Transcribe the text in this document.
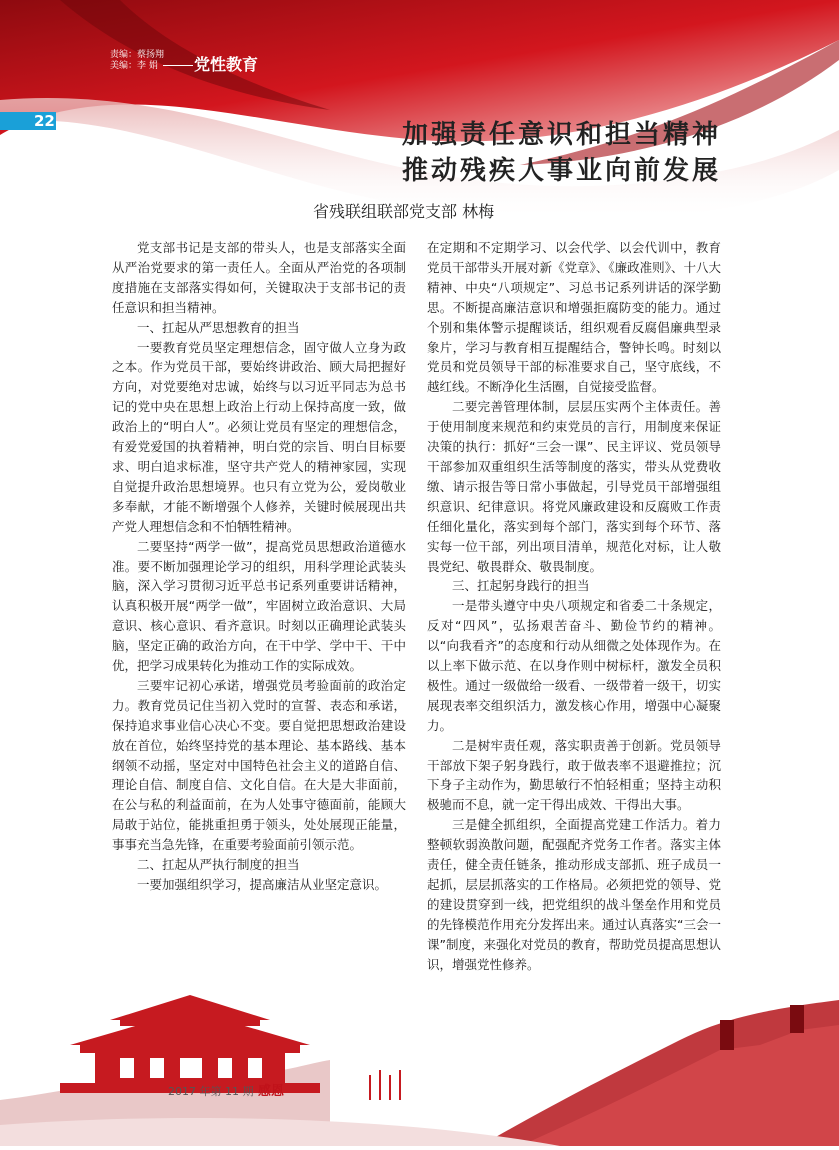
责编：蔡扬翔
美编：李 娟	党性教育
22	加强责任意识和担当精神
推动残疾人事业向前发展
省残联组联部党支部 林梅

党支部书记是支部的带头人，也是支部落实全面从严治党要求的第一责任人。全面从严治党的各项制度措施在支部落实得如何，关键取决于支部书记的责任意识和担当精神。

一、扛起从严思想教育的担当

一要教育党员坚定理想信念，固守做人立身为政之本。作为党员干部，要始终讲政治、顾大局把握好方向，对党要绝对忠诚，始终与以习近平同志为总书记的党中央在思想上政治上行动上保持高度一致，做政治上的“明白人”。必须让党员有坚定的理想信念，有爱党爱国的执着精神，明白党的宗旨、明白目标要求、明白追求标准，坚守共产党人的精神家园，实现自觉提升政治思想境界。也只有立党为公，爱岗敬业多奉献，才能不断增强个人修养，关键时候展现出共产党人理想信念和不怕牺牲精神。

二要坚持“两学一做”，提高党员思想政治道德水准。要不断加强理论学习的组织，用科学理论武装头脑，深入学习贯彻习近平总书记系列重要讲话精神，认真积极开展“两学一做”，牢固树立政治意识、大局意识、核心意识、看齐意识。时刻以正确理论武装头脑，坚定正确的政治方向，在干中学、学中干、干中优，把学习成果转化为推动工作的实际成效。

三要牢记初心承诺，增强党员考验面前的政治定力。教育党员记住当初入党时的宣誓、表态和承诺，保持追求事业信心决心不变。要自觉把思想政治建设放在首位，始终坚持党的基本理论、基本路线、基本纲领不动摇，坚定对中国特色社会主义的道路自信、理论自信、制度自信、文化自信。在大是大非面前，在公与私的利益面前，在为人处事守德面前，能顾大局敢于站位，能挑重担勇于领头，处处展现正能量，事事充当急先锋，在重要考验面前引领示范。

二、扛起从严执行制度的担当

一要加强组织学习，提高廉洁从业坚定意识。

在定期和不定期学习、以会代学、以会代训中，教育党员干部带头开展对新《党章》、《廉政准则》、十八大精神、中央“八项规定”、习总书记系列讲话的深学勤思。不断提高廉洁意识和增强拒腐防变的能力。通过个别和集体警示提醒谈话，组织观看反腐倡廉典型录象片，学习与教育相互提醒结合，警钟长鸣。时刻以党员和党员领导干部的标准要求自己，坚守底线，不越红线。不断净化生活圈，自觉接受监督。

二要完善管理体制，层层压实两个主体责任。善于使用制度来规范和约束党员的言行，用制度来保证决策的执行：抓好“三会一课”、民主评议、党员领导干部参加双重组织生活等制度的落实，带头从党费收缴、请示报告等日常小事做起，引导党员干部增强组织意识、纪律意识。将党风廉政建设和反腐败工作责任细化量化，落实到每个部门，落实到每个环节、落实每一位干部，列出项目清单，规范化对标，让人敬畏党纪、敬畏群众、敬畏制度。

三、扛起躬身践行的担当

一是带头遵守中央八项规定和省委二十条规定，反对“四风”，弘扬艰苦奋斗、勤俭节约的精神。以“向我看齐”的态度和行动从细微之处体现作为。在以上率下做示范、在以身作则中树标杆，激发全员积极性。通过一级做给一级看、一级带着一级干，切实展现表率交组织活力，激发核心作用，增强中心凝聚力。

二是树牢责任观，落实职责善于创新。党员领导干部放下架子躬身践行，敢于做表率不退避推拉；沉下身子主动作为，勤思敏行不怕轻相重；坚持主动积极驰而不息，就一定干得出成效、干得出大事。

三是健全抓组织，全面提高党建工作活力。着力整顿软弱涣散问题，配强配齐党务工作者。落实主体责任，健全责任链条，推动形成支部抓、班子成员一起抓，层层抓落实的工作格局。必须把党的领导、党的建设贯穿到一线，把党组织的战斗堡垒作用和党员的先锋模范作用充分发挥出来。通过认真落实“三会一课”制度，来强化对党员的教育，帮助党员提高思想认识，增强党性修养。

2017 年第 11 期 感恩
